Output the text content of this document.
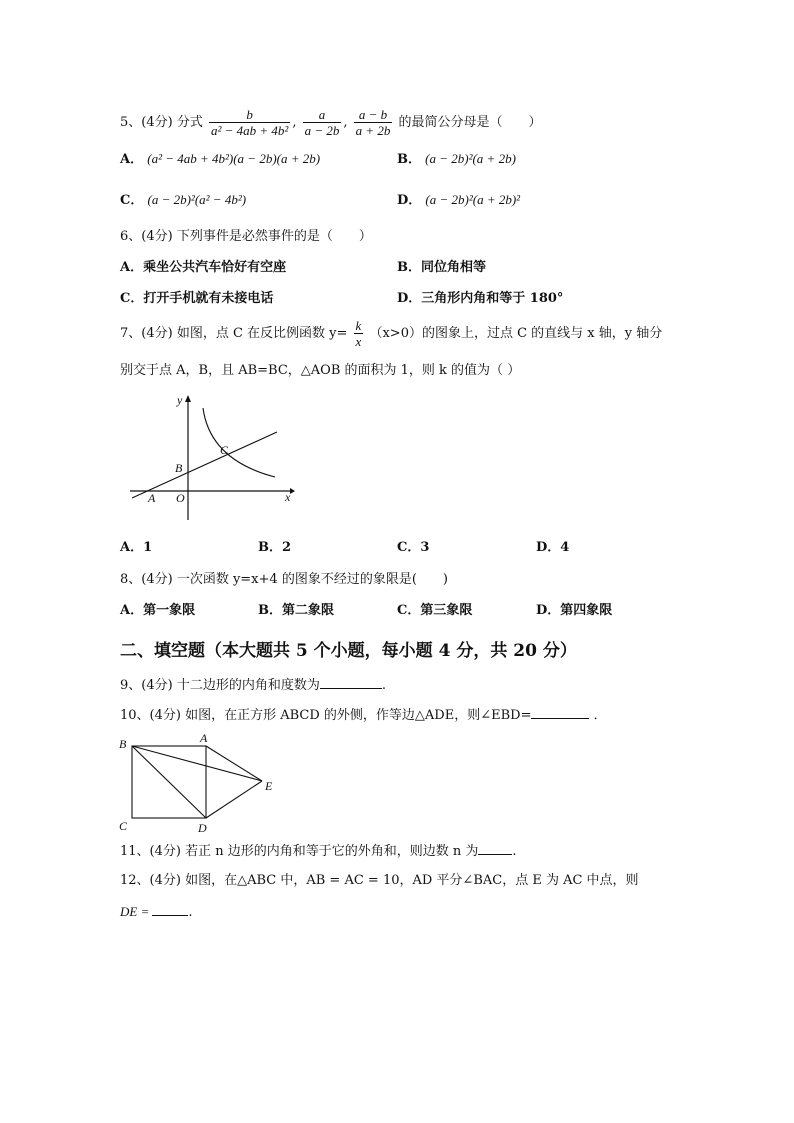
5、(4分) 分式 $\frac{b}{\text{a² − 4ab + 4b²}}$ , $\frac{a}{a - 2b}$ , $\frac{a - b}{a + 2b}$ 的最简公分母是（　　）
A． (a² − 4ab + 4b²)(a − 2b)(a + 2b)	B． (a − 2b)²(a + 2b)
C． (a − 2b)²(a² − 4b²)	D． (a − 2b)²(a + 2b)²
6、(4分) 下列事件是必然事件的是（　　）
A．乘坐公共汽车恰好有空座	B．同位角相等
C．打开手机就有未接电话	D．三角形内角和等于 180°
7、(4分) 如图，点 C 在反比例函数 $y= \frac{k}{x} (x>0)$的图象上，过点 C 的直线与 x 轴，y 轴分
别交于点 A，B，且 AB=BC，△AOB 的面积为 1，则 k 的值为（ ）
y
x
C
B
A O
A．1	B．2	C．3	D．4
8、(4分) 一次函数 y=x+4 的图象不经过的象限是(　　)
A．第一象限	B．第二象限	C．第三象限	D．第四象限
二、填空题（本大题共 5 个小题，每小题 4 分，共 20 分）
9、(4分) 十二边形的内角和度数为	.
10、(4分) 如图，在正方形 ABCD 的外侧，作等边△ADE，则∠EBD=	．
B	A
E
C	D
11、(4分) 若正 n 边形的内角和等于它的外角和，则边数 n 为	.
12、(4分) 如图，在△ABC 中，AB = AC = 10，AD 平分∠BAC，点 E 为 AC 中点，则
DE =	.
